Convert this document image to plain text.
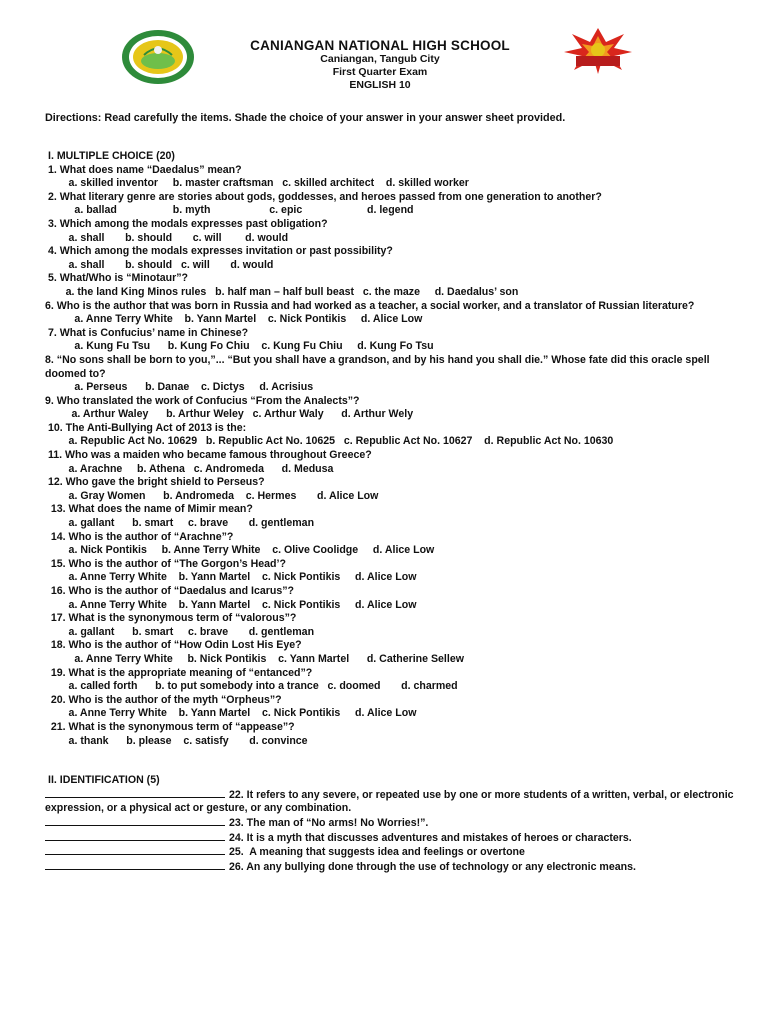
CANIANGAN NATIONAL HIGH SCHOOL
Caniangan, Tangub City
First Quarter Exam
ENGLISH 10
Directions: Read carefully the items. Shade the choice of your answer in your answer sheet provided.
I. MULTIPLE CHOICE (20)
1. What does name “Daedalus” mean?
a. skilled inventor     b. master craftsman   c. skilled architect    d. skilled worker
2. What literary genre are stories about gods, goddesses, and heroes passed from one generation to another?
a. ballad                   b. myth                    c. epic                      d. legend
3. Which among the modals expresses past obligation?
a. shall       b. should       c. will        d. would
4. Which among the modals expresses invitation or past possibility?
a. shall       b. should   c. will       d. would
5. What/Who is “Minotaur”?
a. the land King Minos rules   b. half man – half bull beast   c. the maze     d. Daedalus’ son
6. Who is the author that was born in Russia and had worked as a teacher, a social worker, and a translator of Russian literature?
a. Anne Terry White    b. Yann Martel    c. Nick Pontikis     d. Alice Low
7. What is Confucius’ name in Chinese?
a. Kung Fu Tsu      b. Kung Fo Chiu    c. Kung Fu Chiu     d. Kung Fo Tsu
8. “No sons shall be born to you,”... “But you shall have a grandson, and by his hand you shall die.” Whose fate did this oracle spell doomed to?
a. Perseus      b. Danae    c. Dictys     d. Acrisius
9. Who translated the work of Confucius “From the Analects”?
a. Arthur Waley      b. Arthur Weley   c. Arthur Waly      d. Arthur Wely
10. The Anti-Bullying Act of 2013 is the:
a. Republic Act No. 10629   b. Republic Act No. 10625   c. Republic Act No. 10627    d. Republic Act No. 10630
11. Who was a maiden who became famous throughout Greece?
a. Arachne     b. Athena   c. Andromeda      d. Medusa
12. Who gave the bright shield to Perseus?
a. Gray Women      b. Andromeda    c. Hermes       d. Alice Low
13. What does the name of Mimir mean?
a. gallant      b. smart     c. brave       d. gentleman
14. Who is the author of “Arachne”?
a. Nick Pontikis     b. Anne Terry White    c. Olive Coolidge     d. Alice Low
15. Who is the author of “The Gorgon’s Head’?
a. Anne Terry White    b. Yann Martel    c. Nick Pontikis     d. Alice Low
16. Who is the author of “Daedalus and Icarus”?
a. Anne Terry White    b. Yann Martel    c. Nick Pontikis     d. Alice Low
17. What is the synonymous term of “valorous”?
a. gallant      b. smart     c. brave       d. gentleman
18. Who is the author of “How Odin Lost His Eye?
a. Anne Terry White     b. Nick Pontikis    c. Yann Martel      d. Catherine Sellew
19. What is the appropriate meaning of “entanced”?
a. called forth      b. to put somebody into a trance   c. doomed       d. charmed
20. Who is the author of the myth “Orpheus”?
a. Anne Terry White    b. Yann Martel    c. Nick Pontikis     d. Alice Low
21. What is the synonymous term of “appease”?
a. thank      b. please    c. satisfy       d. convince
II. IDENTIFICATION (5)
22. It refers to any severe, or repeated use by one or more students of a written, verbal, or electronic expression, or a physical act or gesture, or any combination.
23. The man of “No arms! No Worries!”.
24. It is a myth that discusses adventures and mistakes of heroes or characters.
25.  A meaning that suggests idea and feelings or overtone
26. An any bullying done through the use of technology or any electronic means.
